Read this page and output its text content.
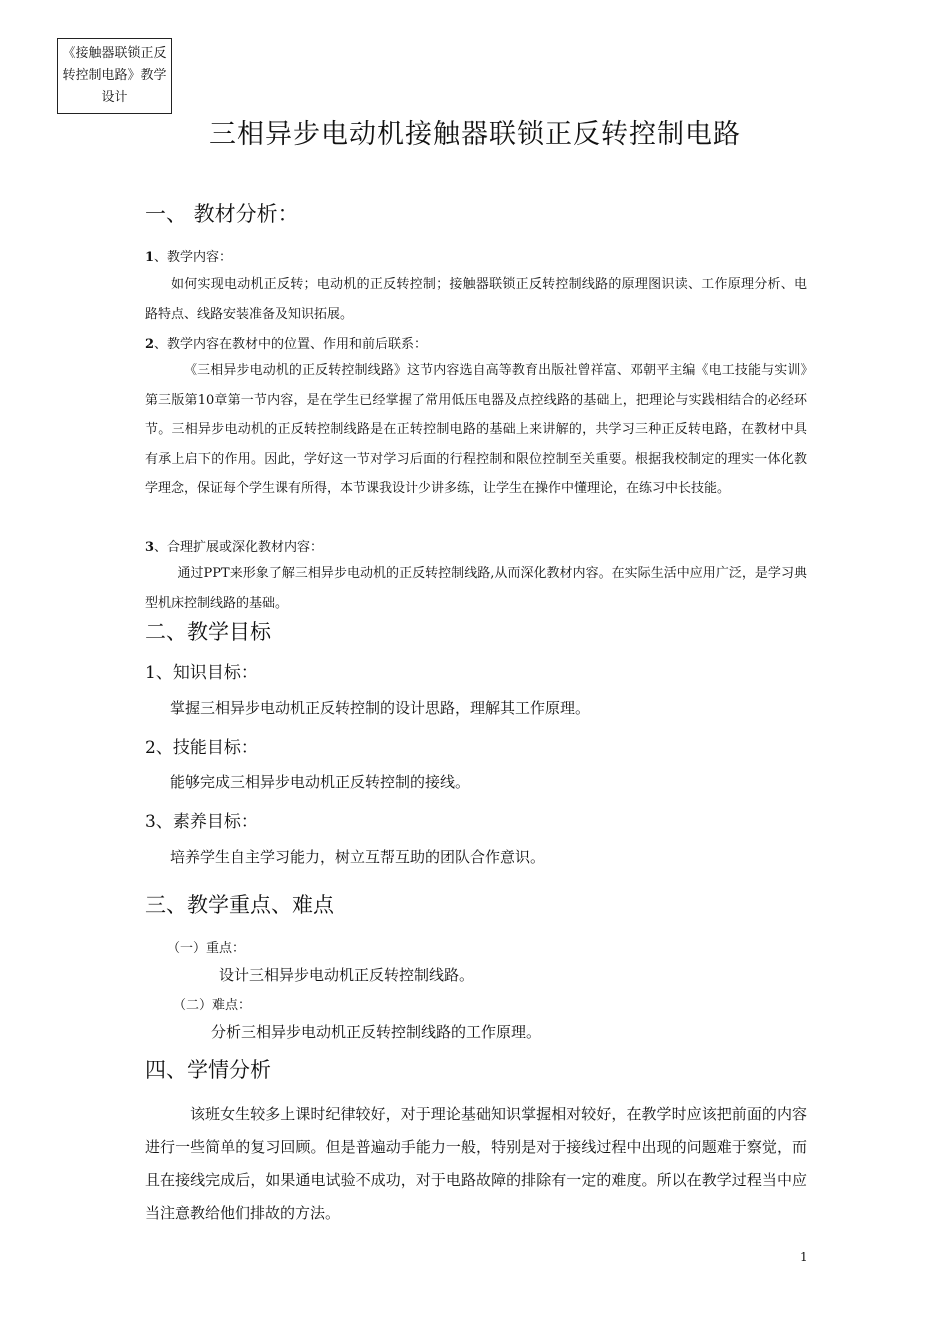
《接触器联锁正反转控制电路》教学设计
三相异步电动机接触器联锁正反转控制电路
一、 教材分析：
1、教学内容：
如何实现电动机正反转；电动机的正反转控制；接触器联锁正反转控制线路的原理图识读、工作原理分析、电路特点、线路安装准备及知识拓展。
2、教学内容在教材中的位置、作用和前后联系：
《三相异步电动机的正反转控制线路》这节内容选自高等教育出版社曾祥富、邓朝平主编《电工技能与实训》第三版第10章第一节内容，是在学生已经掌握了常用低压电器及点控线路的基础上，把理论与实践相结合的必经环节。三相异步电动机的正反转控制线路是在正转控制电路的基础上来讲解的，共学习三种正反转电路，在教材中具有承上启下的作用。因此，学好这一节对学习后面的行程控制和限位控制至关重要。根据我校制定的理实一体化教学理念，保证每个学生课有所得，本节课我设计少讲多练，让学生在操作中懂理论，在练习中长技能。
3、合理扩展或深化教材内容：
通过PPT来形象了解三相异步电动机的正反转控制线路,从而深化教材内容。在实际生活中应用广泛，是学习典型机床控制线路的基础。
二、教学目标
1、知识目标：
掌握三相异步电动机正反转控制的设计思路，理解其工作原理。
2、技能目标：
能够完成三相异步电动机正反转控制的接线。
3、素养目标：
培养学生自主学习能力，树立互帮互助的团队合作意识。
三、教学重点、难点
（一）重点：
设计三相异步电动机正反转控制线路。
（二）难点：
分析三相异步电动机正反转控制线路的工作原理。
四、学情分析
该班女生较多上课时纪律较好，对于理论基础知识掌握相对较好，在教学时应该把前面的内容进行一些简单的复习回顾。但是普遍动手能力一般，特别是对于接线过程中出现的问题难于察觉，而且在接线完成后，如果通电试验不成功，对于电路故障的排除有一定的难度。所以在教学过程当中应当注意教给他们排故的方法。
1
